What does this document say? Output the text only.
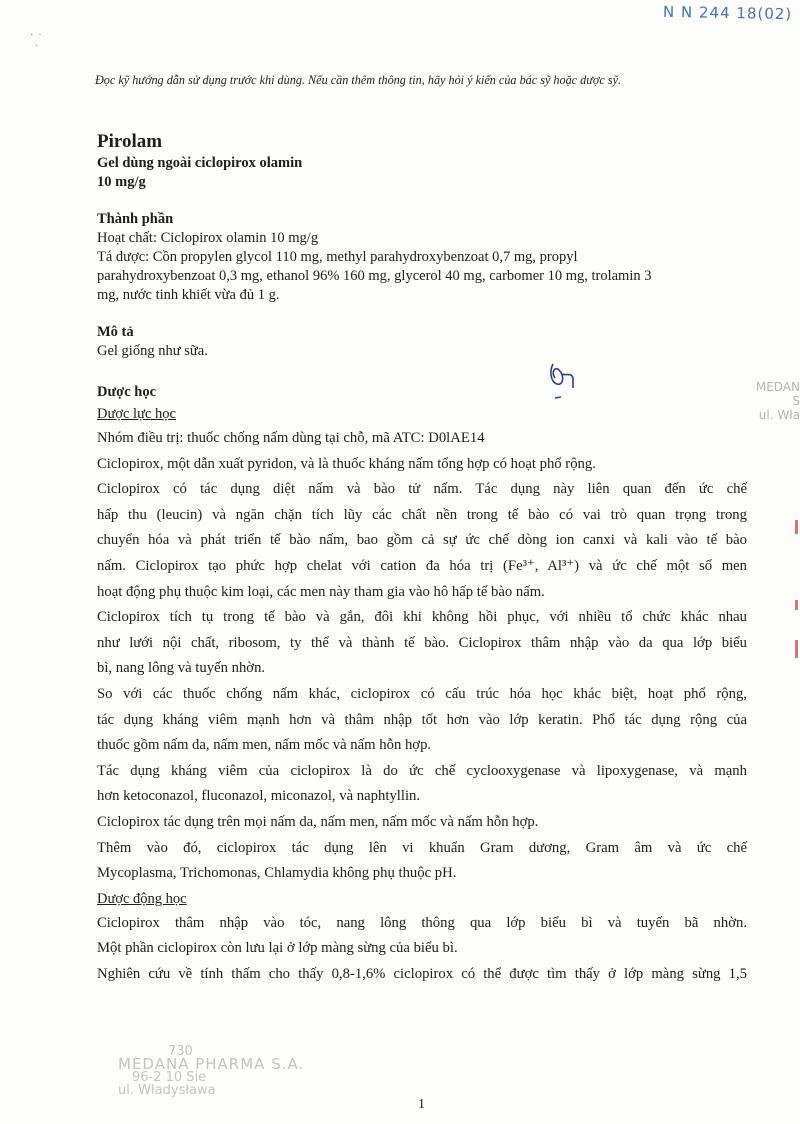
·  ·
·
N N 244 18(02)
Đọc kỹ hướng dẫn sử dụng trước khi dùng. Nếu cần thêm thông tin, hãy hỏi ý kiến của bác sỹ hoặc dược sỹ.

Pirolam

Gel dùng ngoài ciclopirox olamin

10 mg/g

Thành phần

Hoạt chất: Ciclopirox olamin 10 mg/g

Tá dược: Cồn propylen glycol 110 mg, methyl parahydroxybenzoat 0,7 mg, propyl

parahydroxybenzoat 0,3 mg, ethanol 96% 160 mg, glycerol 40 mg, carbomer 10 mg, trolamin 3

mg, nước tinh khiết vừa đủ 1 g.

Mô tả

Gel giống như sữa.

Dược học

Dược lực học

Nhóm điều trị: thuốc chống nấm dùng tại chỗ, mã ATC: D0lAE14

Ciclopirox, một dẫn xuất pyridon, và là thuốc kháng nấm tổng hợp có hoạt phổ rộng.

Ciclopirox có tác dụng diệt nấm và bào tử nấm. Tác dụng này liên quan đến ức chế

hấp thu (leucin) và ngăn chặn tích lũy các chất nền trong tế bào có vai trò quan trọng trong

chuyển hóa và phát triển tế bào nấm, bao gồm cả sự ức chế dòng ion canxi và kali vào tế bào

nấm. Ciclopirox tạo phức hợp chelat với cation đa hóa trị (Fe³⁺, Al³⁺) và ức chế một số men

hoạt động phụ thuộc kim loại, các men này tham gia vào hô hấp tế bào nấm.

Ciclopirox tích tụ trong tế bào và gắn, đôi khi không hồi phục, với nhiều tổ chức khác nhau

như lưới nội chất, ribosom, ty thể và thành tế bào. Ciclopirox thâm nhập vào da qua lớp biểu

bì, nang lông và tuyến nhờn.

So với các thuốc chống nấm khác, ciclopirox có cấu trúc hóa học khác biệt, hoạt phổ rộng,

tác dụng kháng viêm mạnh hơn và thâm nhập tốt hơn vào lớp keratin. Phổ tác dụng rộng của

thuốc gồm nấm da, nấm men, nấm mốc và nấm hỗn hợp.

Tác dụng kháng viêm của ciclopirox là do ức chế cyclooxygenase và lipoxygenase, và mạnh

hơn ketoconazol, fluconazol, miconazol, và naphtyllin.

Ciclopirox tác dụng trên mọi nấm da, nấm men, nấm mốc và nấm hỗn hợp.

Thêm vào đó, ciclopirox tác dụng lên vi khuẩn Gram dương, Gram âm và ức chế

Mycoplasma, Trichomonas, Chlamydia không phụ thuộc pH.

Dược động học

Ciclopirox thâm nhập vào tóc, nang lông thông qua lớp biểu bì và tuyến bã nhờn.

Một phần ciclopirox còn lưu lại ở lớp màng sừng của biểu bì.

Nghiên cứu về tính thấm cho thấy 0,8-1,6% ciclopirox có thể được tìm thấy ở lớp màng sừng 1,5

MEDAN
S
ul. Wła
730
MEDANA PHARMA S.A.
96-2 10 Sie
ul. Władysława
1
